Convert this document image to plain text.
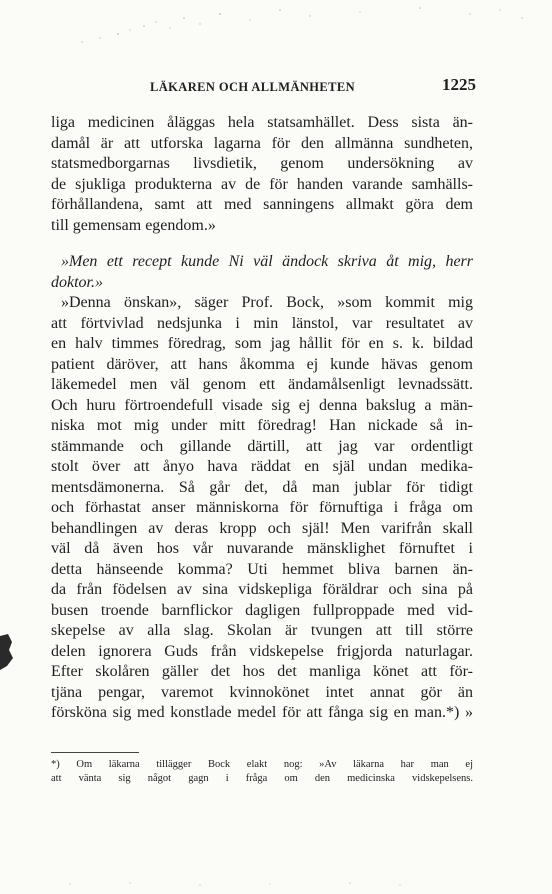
LÄKAREN OCH ALLMÄNHETEN	1225
liga medicinen åläggas hela statsamhället. Dess sista än-
damål är att utforska lagarna för den allmänna sundheten,
statsmedborgarnas livsdietik, genom undersökning av
de sjukliga produkterna av de för handen varande samhälls-
förhållandena, samt att med sanningens allmakt göra dem
till gemensam egendom.»
»Men ett recept kunde Ni väl ändock skriva åt mig, herr
doktor.»
»Denna önskan», säger Prof. Bock, »som kommit mig
att förtvivlad nedsjunka i min länstol, var resultatet av
en halv timmes föredrag, som jag hållit för en s. k. bildad
patient däröver, att hans åkomma ej kunde hävas genom
läkemedel men väl genom ett ändamålsenligt levnadssätt.
Och huru förtroendefull visade sig ej denna bakslug a män-
niska mot mig under mitt föredrag! Han nickade så in-
stämmande och gillande därtill, att jag var ordentligt
stolt över att ånyo hava räddat en själ undan medika-
mentsdämonerna. Så går det, då man jublar för tidigt
och förhastat anser människorna för förnuftiga i fråga om
behandlingen av deras kropp och själ! Men varifrån skall
väl då även hos vår nuvarande mänsklighet förnuftet i
detta hänseende komma? Uti hemmet bliva barnen än-
da från födelsen av sina vidskepliga föräldrar och sina på
busen troende barnflickor dagligen fullproppade med vid-
skepelse av alla slag. Skolan är tvungen att till större
delen ignorera Guds från vidskepelse frigjorda naturlagar.
Efter skolåren gäller det hos det manliga könet att för-
tjäna pengar, varemot kvinnokönet intet annat gör än
försköna sig med konstlade medel för att fånga sig en man.*) »
*) Om läkarna tillägger Bock elakt nog: »Av läkarna har man ej
att vänta sig något gagn i fråga om den medicinska vidskepelsens.
